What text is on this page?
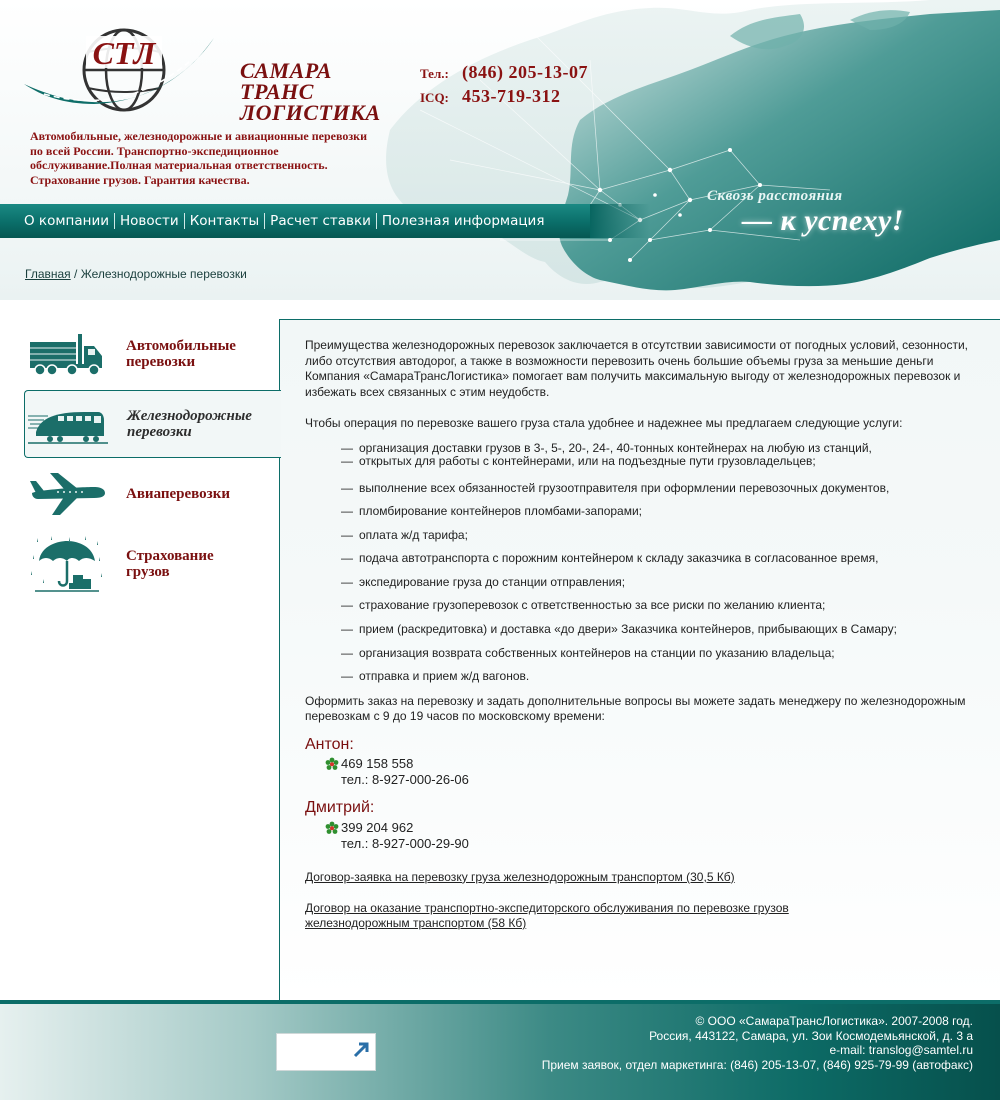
СТЛ	САМАРА
ТРАНС
ЛОГИСТИКА
Тел.: (846) 205-13-07
ICQ: 453-719-312
Автомобильные, железнодорожные и авиационные перевозки по всей России. Транспортно-экспедиционное обслуживание.Полная материальная ответственность. Страхование грузов. Гарантия качества.
О компании Новости Контакты Расчет ставки Полезная информация
Сквозь расстояния
— к успеху!
Главная / Железнодорожные перевозки
Автомобильные
перевозки
Железнодорожные
перевозки
Авиаперевозки
Страхование
грузов

Преимущества железнодорожных перевозок заключается в отсутствии зависимости от погодных условий, сезонности, либо отсутствия автодорог, а также в возможности перевозить очень большие объемы груза за меньшие деньги Компания «СамараТрансЛогистика» помогает вам получить максимальную выгоду от железнодорожных перевозок и избежать всех связанных с этим неудобств.

Чтобы операция по перевозке вашего груза стала удобнее и надежнее мы предлагаем следующие услуги:

— организация доставки грузов в 3-, 5-, 20-, 24-, 40-тонных контейнерах на любую из станций,
— открытых для работы с контейнерами, или на подъездные пути грузовладельцев;
— выполнение всех обязанностей грузоотправителя при оформлении перевозочных документов,
— пломбирование контейнеров пломбами-запорами;
— оплата ж/д тарифа;
— подача автотранспорта с порожним контейнером к складу заказчика в согласованное время,
— экспедирование груза до станции отправления;
— страхование грузоперевозок с ответственностью за все риски по желанию клиента;
— прием (раскредитовка) и доставка «до двери» Заказчика контейнеров, прибывающих в Самару;
— организация возврата собственных контейнеров на станции по указанию владельца;
— отправка и прием ж/д вагонов.

Оформить заказ на перевозку и задать дополнительные вопросы вы можете задать менеджеру по железнодорожным перевозкам с 9 до 19 часов по московскому времени:

Антон:
469 158 558
тел.: 8-927-000-26-06
Дмитрий:
399 204 962
тел.: 8-927-000-29-90
Договор-заявка на перевозку груза железнодорожным транспортом (30,5 Кб)
Договор на оказание транспортно-экспедиторского обслуживания по перевозке грузов
железнодорожным транспортом (58 Кб)
© ООО «СамараТрансЛогистика». 2007-2008 год.
Россия, 443122, Самара, ул. Зои Космодемьянской, д. 3 а
e-mail: translog@samtel.ru
Прием заявок, отдел маркетинга: (846) 205-13-07, (846) 925-79-99 (автофакс)
